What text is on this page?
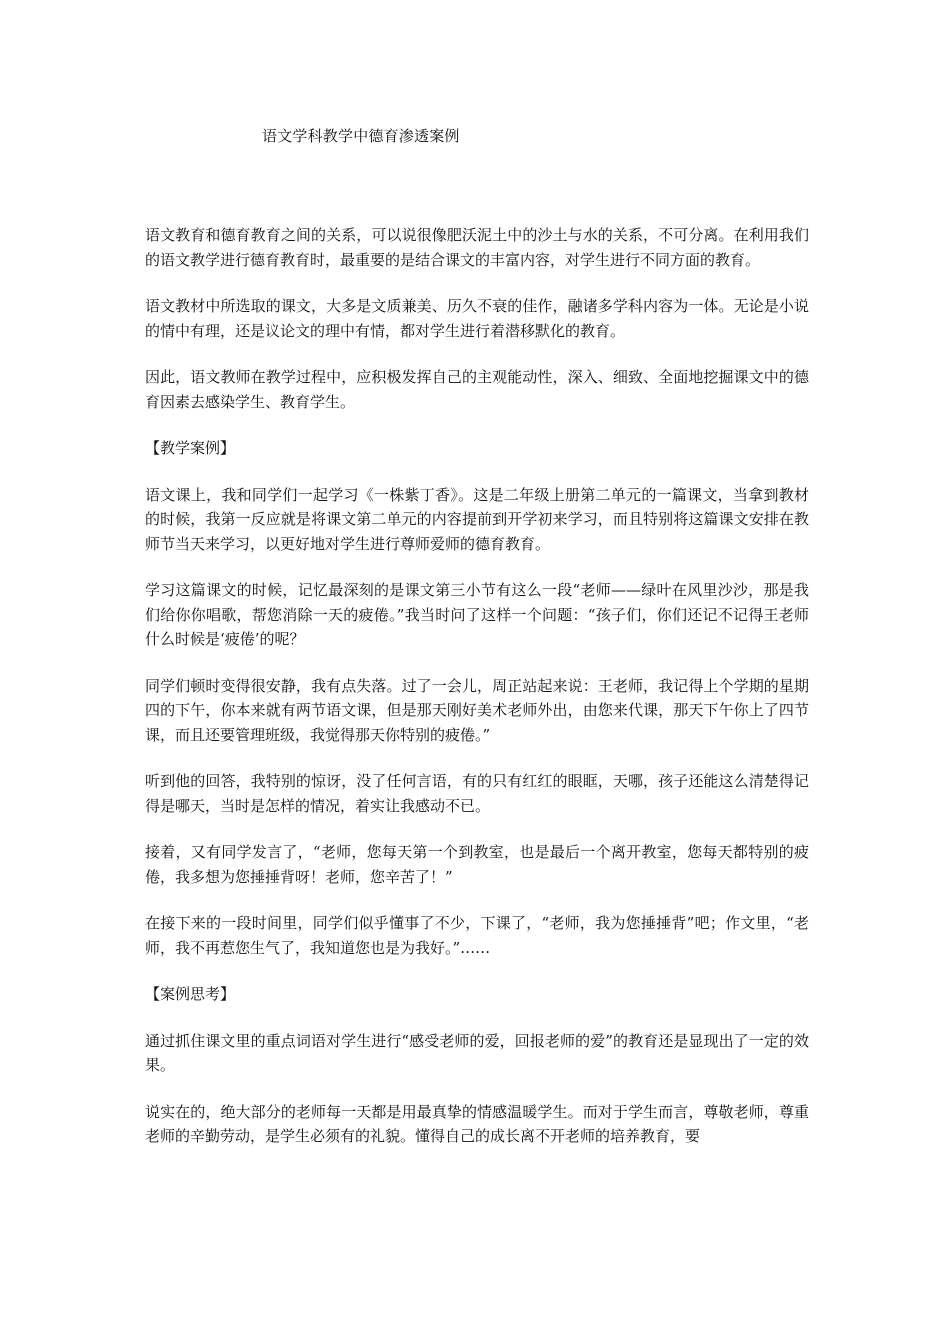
语文学科教学中德育渗透案例

语文教育和德育教育之间的关系，可以说很像肥沃泥土中的沙土与水的关系，不可分离。在利用我们的语文教学进行德育教育时，最重要的是结合课文的丰富内容，对学生进行不同方面的教育。

语文教材中所选取的课文，大多是文质兼美、历久不衰的佳作，融诸多学科内容为一体。无论是小说的情中有理，还是议论文的理中有情，都对学生进行着潜移默化的教育。

因此，语文教师在教学过程中，应积极发挥自己的主观能动性，深入、细致、全面地挖掘课文中的德育因素去感染学生、教育学生。

【教学案例】

语文课上，我和同学们一起学习《一株紫丁香》。这是二年级上册第二单元的一篇课文，当拿到教材的时候，我第一反应就是将课文第二单元的内容提前到开学初来学习，而且特别将这篇课文安排在教师节当天来学习，以更好地对学生进行尊师爱师的德育教育。

学习这篇课文的时候，记忆最深刻的是课文第三小节有这么一段“老师——绿叶在风里沙沙，那是我们给你你唱歌，帮您消除一天的疲倦。”我当时问了这样一个问题：“孩子们，你们还记不记得王老师什么时候是‘疲倦’的呢？

同学们顿时变得很安静，我有点失落。过了一会儿，周正站起来说：王老师，我记得上个学期的星期四的下午，你本来就有两节语文课，但是那天刚好美术老师外出，由您来代课，那天下午你上了四节课，而且还要管理班级，我觉得那天你特别的疲倦。”

听到他的回答，我特别的惊讶，没了任何言语，有的只有红红的眼眶，天哪，孩子还能这么清楚得记得是哪天，当时是怎样的情况，着实让我感动不已。

接着，又有同学发言了，“老师，您每天第一个到教室，也是最后一个离开教室，您每天都特别的疲倦，我多想为您捶捶背呀！老师，您辛苦了！”

在接下来的一段时间里，同学们似乎懂事了不少，下课了，“老师，我为您捶捶背”吧；作文里，“老师，我不再惹您生气了，我知道您也是为我好。”……

【案例思考】

通过抓住课文里的重点词语对学生进行“感受老师的爱，回报老师的爱”的教育还是显现出了一定的效果。

说实在的，绝大部分的老师每一天都是用最真挚的情感温暖学生。而对于学生而言，尊敬老师，尊重老师的辛勤劳动，是学生必须有的礼貌。懂得自己的成长离不开老师的培养教育，要
